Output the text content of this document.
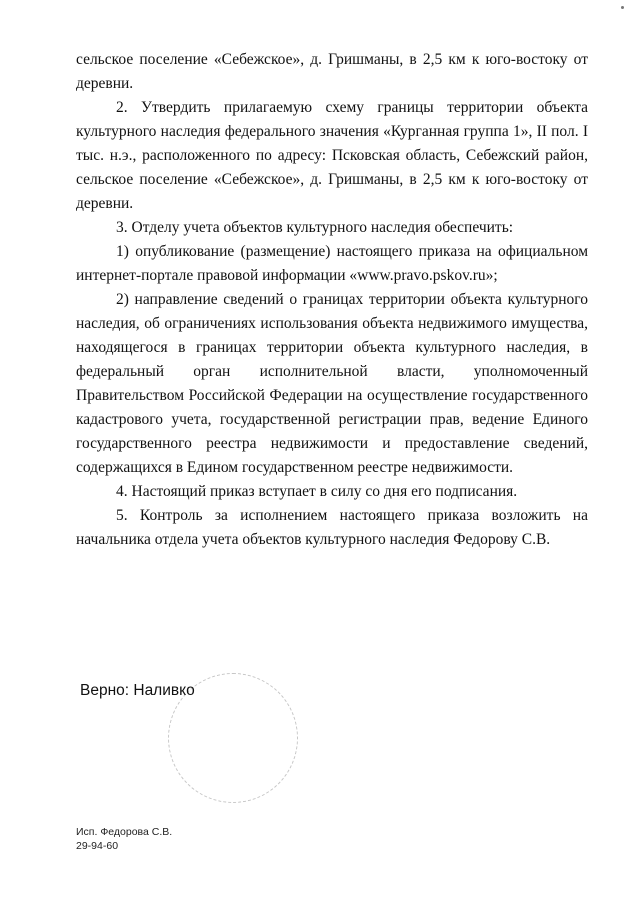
сельское поселение «Себежское», д. Гришманы, в 2,5 км к юго-востоку от деревни.

2. Утвердить прилагаемую схему границы территории объекта культурного наследия федерального значения «Курганная группа 1», II пол. I тыс. н.э., расположенного по адресу: Псковская область, Себежский район, сельское поселение «Себежское», д. Гришманы, в 2,5 км к юго-востоку от деревни.

3. Отделу учета объектов культурного наследия обеспечить:

1) опубликование (размещение) настоящего приказа на официальном интернет-портале правовой информации «www.pravo.pskov.ru»;

2) направление сведений о границах территории объекта культурного наследия, об ограничениях использования объекта недвижимого имущества, находящегося в границах территории объекта культурного наследия, в федеральный орган исполнительной власти, уполномоченный Правительством Российской Федерации на осуществление государственного кадастрового учета, государственной регистрации прав, ведение Единого государственного реестра недвижимости и предоставление сведений, содержащихся в Едином государственном реестре недвижимости.

4. Настоящий приказ вступает в силу со дня его подписания.

5. Контроль за исполнением настоящего приказа возложить на начальника отдела учета объектов культурного наследия Федорову С.В.

Верно: Наливко
Исп. Федорова С.В.
29-94-60
